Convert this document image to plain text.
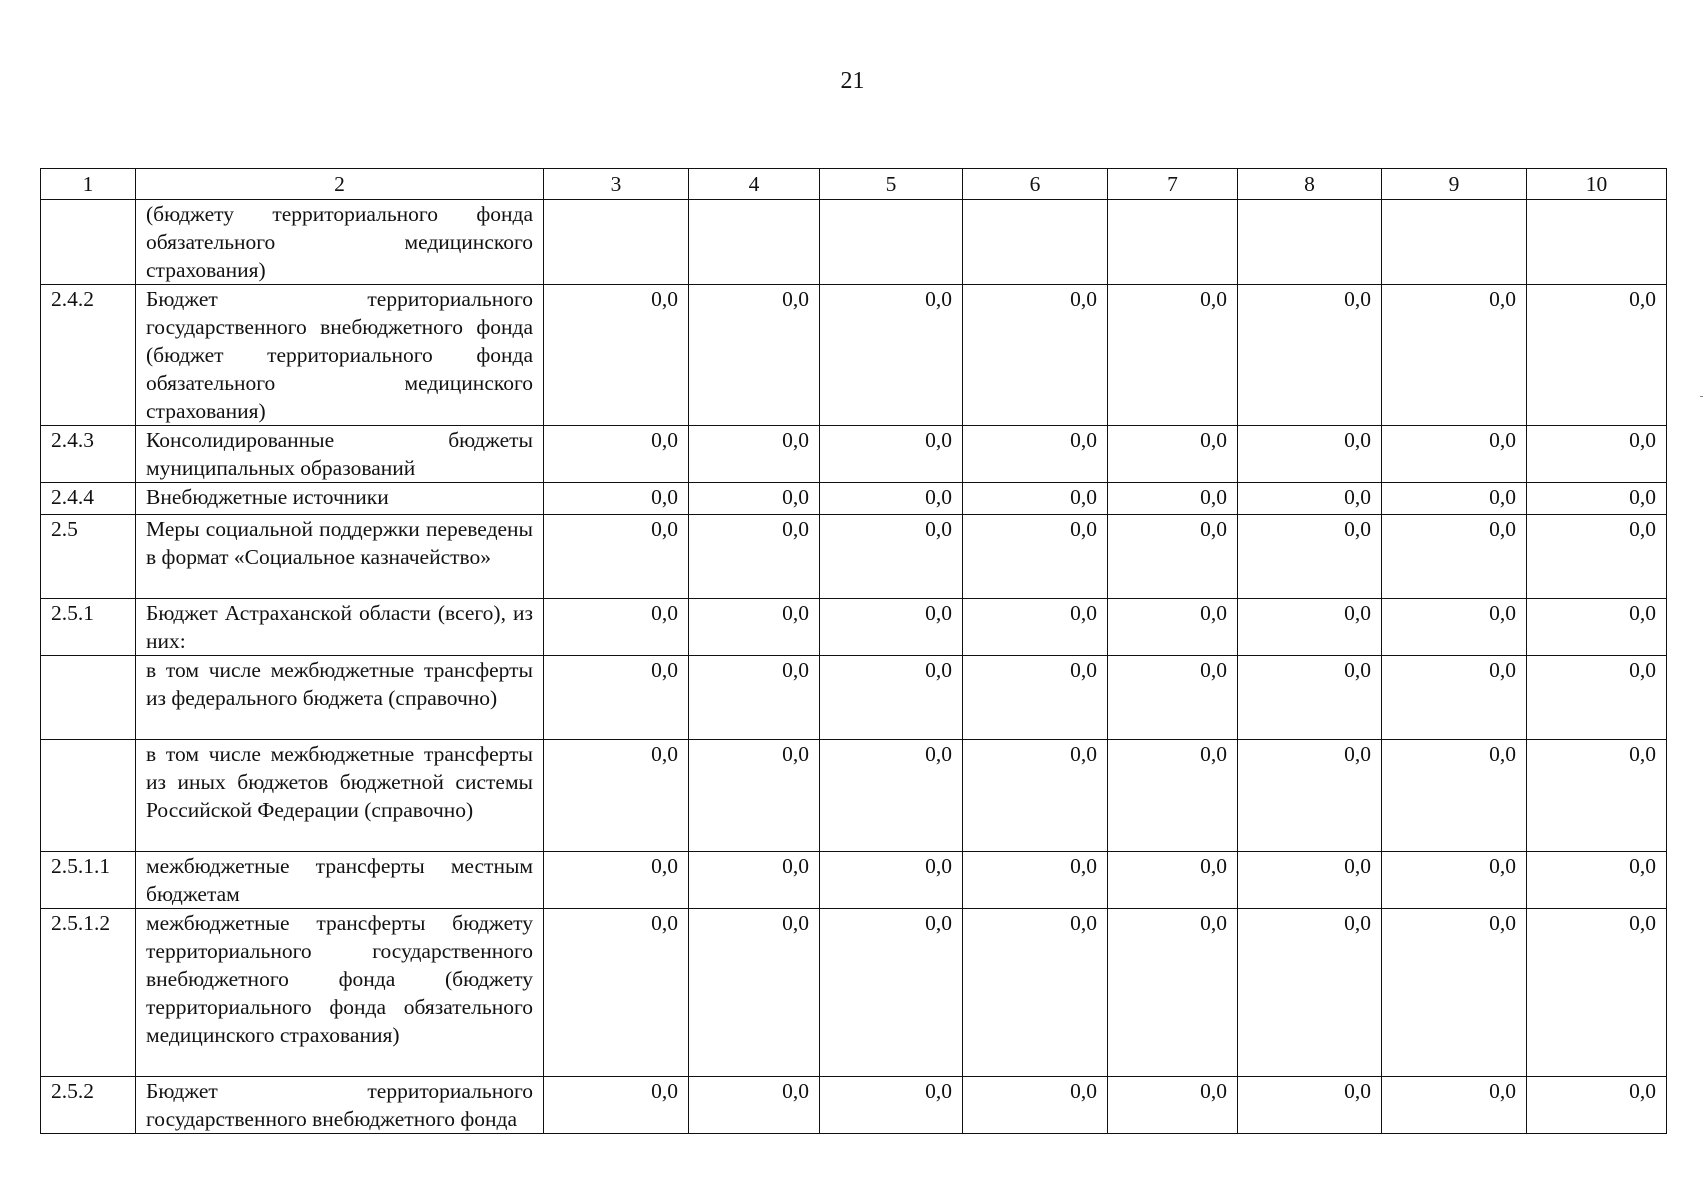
21
1	2	3	4	5	6	7	8	9	10
	(бюджету территориального фонда обязательного медицинского страхования)								
2.4.2	Бюджет территориального государственного внебюджетного фонда (бюджет территориального фонда обязательного медицинского страхования)	0,0	0,0	0,0	0,0	0,0	0,0	0,0	0,0
2.4.3	Консолидированные бюджеты муниципальных образований	0,0	0,0	0,0	0,0	0,0	0,0	0,0	0,0
2.4.4	Внебюджетные источники	0,0	0,0	0,0	0,0	0,0	0,0	0,0	0,0
2.5	Меры социальной поддержки переведены в формат «Социальное казначейство»	0,0	0,0	0,0	0,0	0,0	0,0	0,0	0,0
2.5.1	Бюджет Астраханской области (всего), из них:	0,0	0,0	0,0	0,0	0,0	0,0	0,0	0,0
	в том числе межбюджетные трансферты из федерального бюджета (справочно)	0,0	0,0	0,0	0,0	0,0	0,0	0,0	0,0
	в том числе межбюджетные трансферты из иных бюджетов бюджетной системы Российской Федерации (справочно)	0,0	0,0	0,0	0,0	0,0	0,0	0,0	0,0
2.5.1.1	межбюджетные трансферты местным бюджетам	0,0	0,0	0,0	0,0	0,0	0,0	0,0	0,0
2.5.1.2	межбюджетные трансферты бюджету территориального государственного внебюджетного фонда (бюджету территориального фонда обязательного медицинского страхования)	0,0	0,0	0,0	0,0	0,0	0,0	0,0	0,0
2.5.2	Бюджет территориального государственного внебюджетного фонда	0,0	0,0	0,0	0,0	0,0	0,0	0,0	0,0
